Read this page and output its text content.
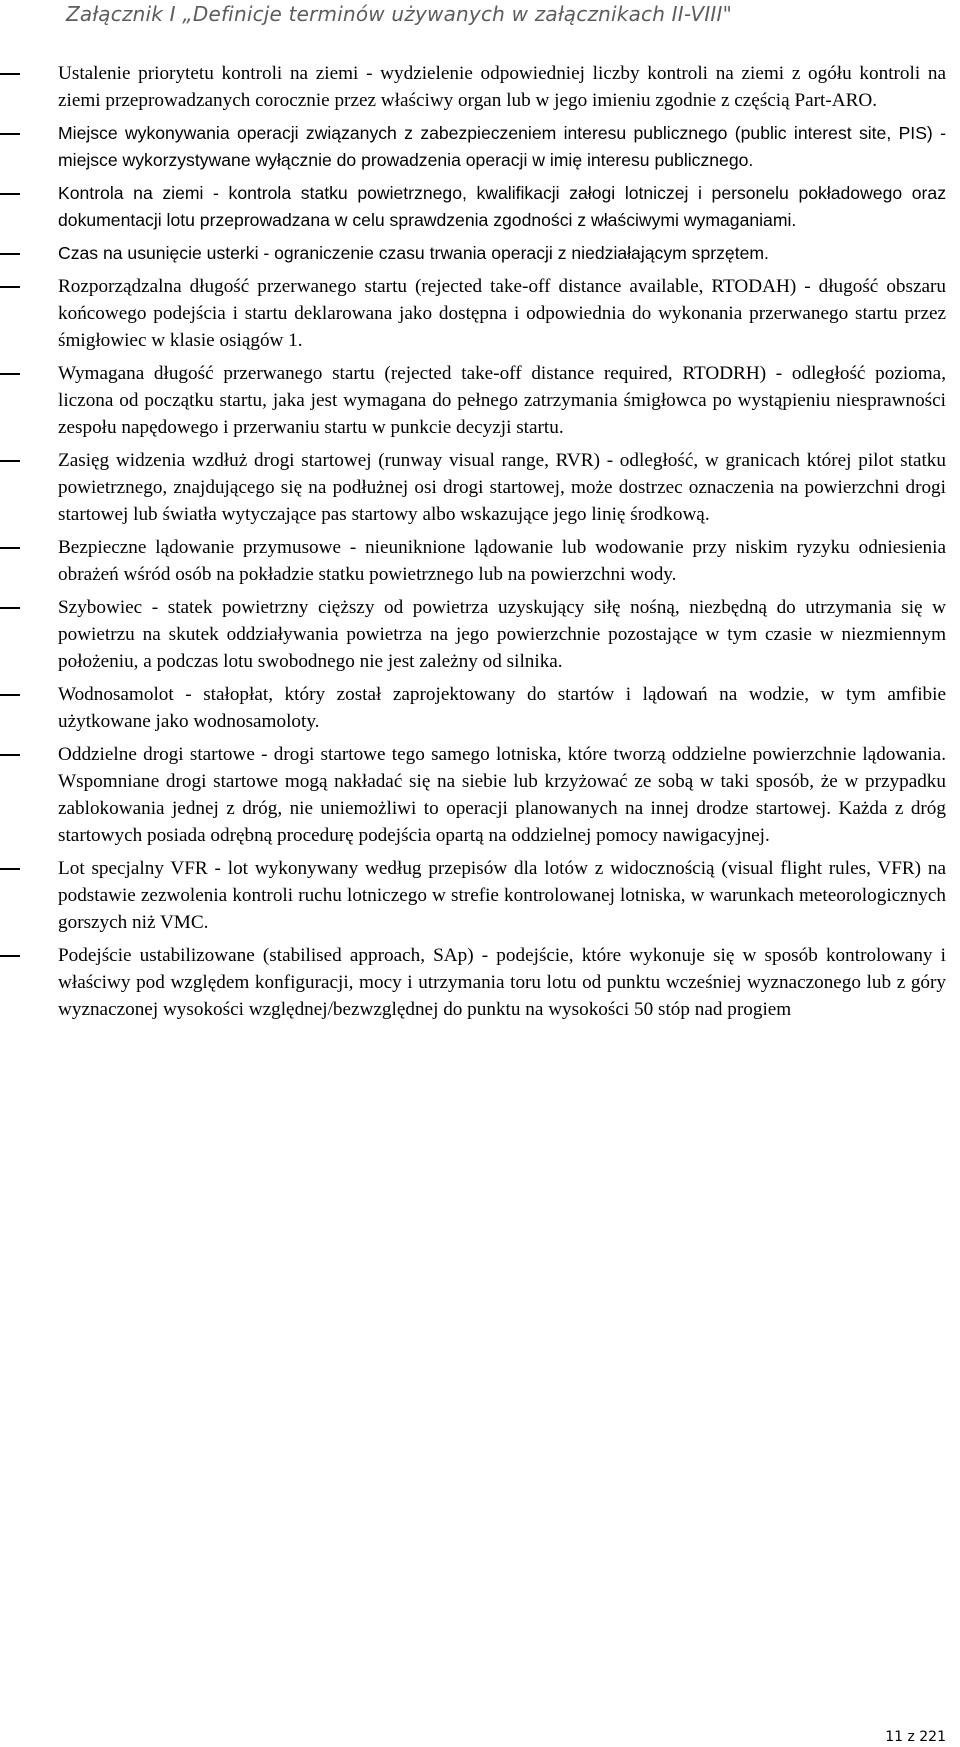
Załącznik I „Definicje terminów używanych w załącznikach II-VIII"
Ustalenie priorytetu kontroli na ziemi - wydzielenie odpowiedniej liczby kontroli na ziemi z ogółu kontroli na ziemi przeprowadzanych corocznie przez właściwy organ lub w jego imieniu zgodnie z częścią Part-ARO.
Miejsce wykonywania operacji związanych z zabezpieczeniem interesu publicznego (public interest site, PIS) - miejsce wykorzystywane wyłącznie do prowadzenia operacji w imię interesu publicznego.
Kontrola na ziemi - kontrola statku powietrznego, kwalifikacji załogi lotniczej i personelu pokładowego oraz dokumentacji lotu przeprowadzana w celu sprawdzenia zgodności z właściwymi wymaganiami.
Czas na usunięcie usterki - ograniczenie czasu trwania operacji z niedziałającym sprzętem.
Rozporządzalna długość przerwanego startu (rejected take-off distance available, RTODAH) - długość obszaru końcowego podejścia i startu deklarowana jako dostępna i odpowiednia do wykonania przerwanego startu przez śmigłowiec w klasie osiągów 1.
Wymagana długość przerwanego startu (rejected take-off distance required, RTODRH) - odległość pozioma, liczona od początku startu, jaka jest wymagana do pełnego zatrzymania śmigłowca po wystąpieniu niesprawności zespołu napędowego i przerwaniu startu w punkcie decyzji startu.
Zasięg widzenia wzdłuż drogi startowej (runway visual range, RVR) - odległość, w granicach której pilot statku powietrznego, znajdującego się na podłużnej osi drogi startowej, może dostrzec oznaczenia na powierzchni drogi startowej lub światła wytyczające pas startowy albo wskazujące jego linię środkową.
Bezpieczne lądowanie przymusowe - nieuniknione lądowanie lub wodowanie przy niskim ryzyku odniesienia obrażeń wśród osób na pokładzie statku powietrznego lub na powierzchni wody.
Szybowiec - statek powietrzny cięższy od powietrza uzyskujący siłę nośną, niezbędną do utrzymania się w powietrzu na skutek oddziaływania powietrza na jego powierzchnie pozostające w tym czasie w niezmiennym położeniu, a podczas lotu swobodnego nie jest zależny od silnika.
Wodnosamolot - stałopłat, który został zaprojektowany do startów i lądowań na wodzie, w tym amfibie użytkowane jako wodnosamoloty.
Oddzielne drogi startowe - drogi startowe tego samego lotniska, które tworzą oddzielne powierzchnie lądowania. Wspomniane drogi startowe mogą nakładać się na siebie lub krzyżować ze sobą w taki sposób, że w przypadku zablokowania jednej z dróg, nie uniemożliwi to operacji planowanych na innej drodze startowej. Każda z dróg startowych posiada odrębną procedurę podejścia opartą na oddzielnej pomocy nawigacyjnej.
Lot specjalny VFR - lot wykonywany według przepisów dla lotów z widocznością (visual flight rules, VFR) na podstawie zezwolenia kontroli ruchu lotniczego w strefie kontrolowanej lotniska, w warunkach meteorologicznych gorszych niż VMC.
Podejście ustabilizowane (stabilised approach, SAp) - podejście, które wykonuje się w sposób kontrolowany i właściwy pod względem konfiguracji, mocy i utrzymania toru lotu od punktu wcześniej wyznaczonego lub z góry wyznaczonej wysokości względnej/bezwzględnej do punktu na wysokości 50 stóp nad progiem
11 z 221
